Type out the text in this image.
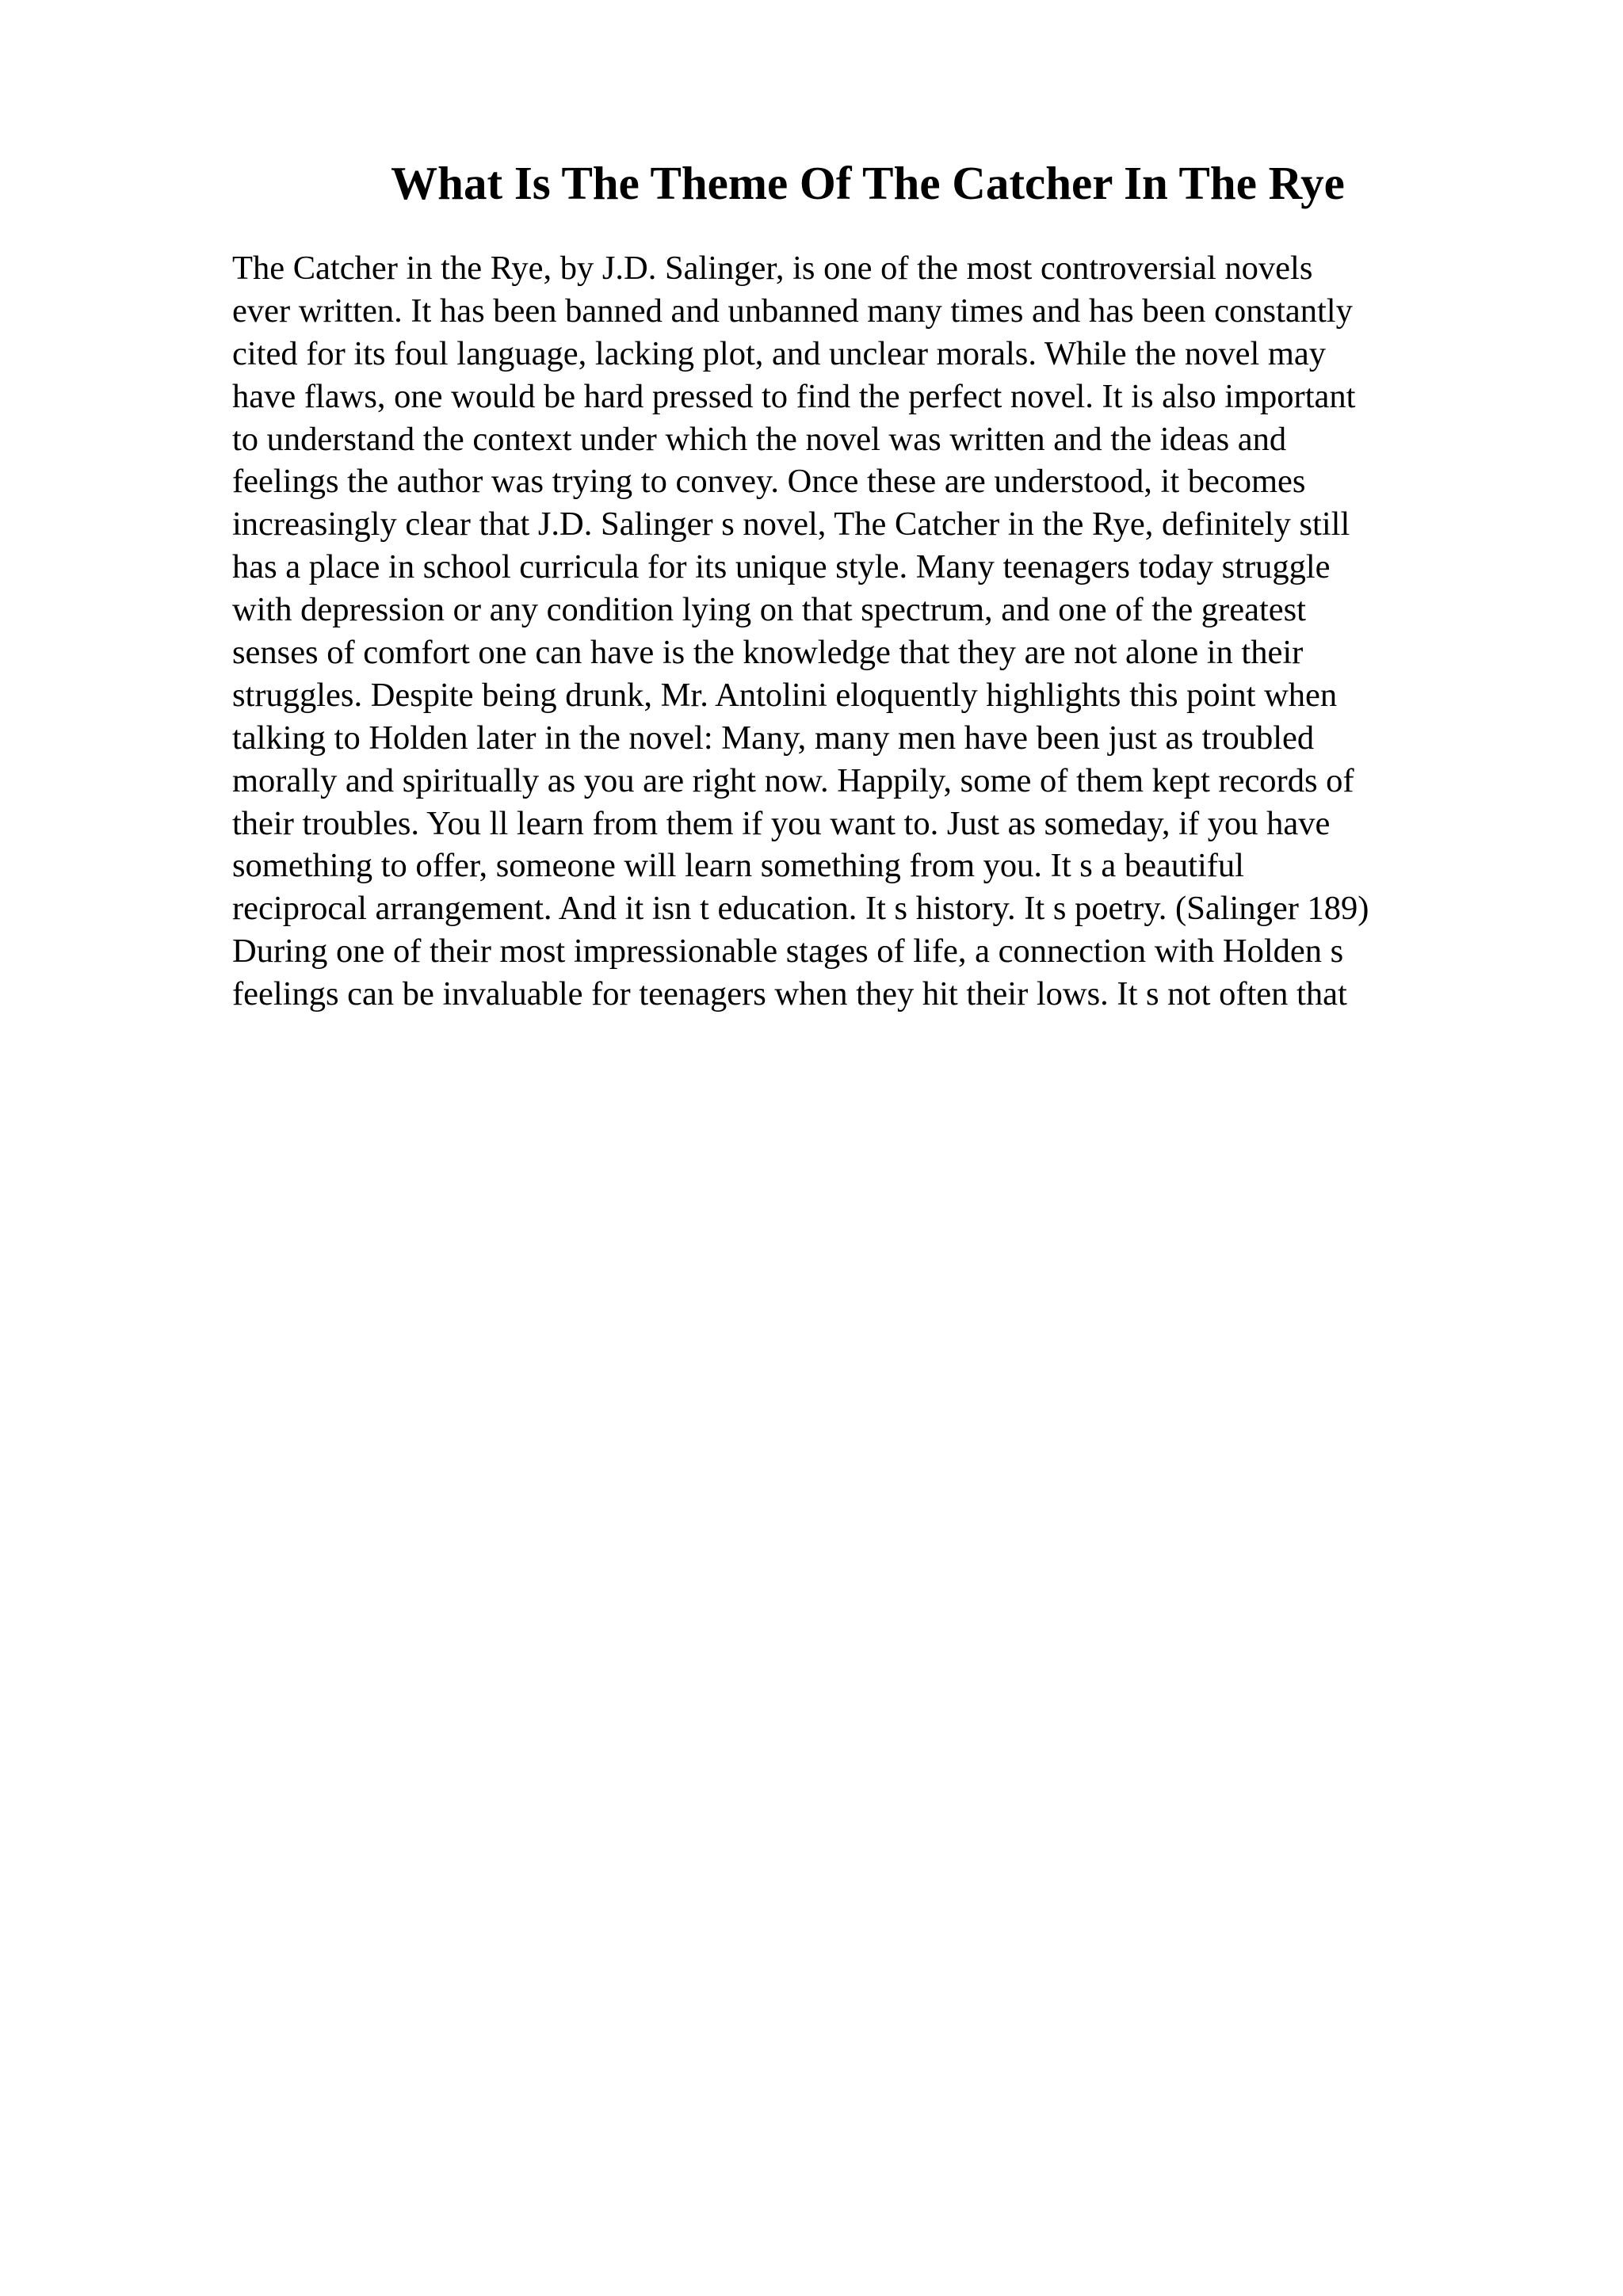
What Is The Theme Of The Catcher In The Rye
The Catcher in the Rye, by J.D. Salinger, is one of the most controversial novels
ever written. It has been banned and unbanned many times and has been constantly
cited for its foul language, lacking plot, and unclear morals. While the novel may
have flaws, one would be hard pressed to find the perfect novel. It is also important
to understand the context under which the novel was written and the ideas and
feelings the author was trying to convey. Once these are understood, it becomes
increasingly clear that J.D. Salinger s novel, The Catcher in the Rye, definitely still
has a place in school curricula for its unique style. Many teenagers today struggle
with depression or any condition lying on that spectrum, and one of the greatest
senses of comfort one can have is the knowledge that they are not alone in their
struggles. Despite being drunk, Mr. Antolini eloquently highlights this point when
talking to Holden later in the novel: Many, many men have been just as troubled
morally and spiritually as you are right now. Happily, some of them kept records of
their troubles. You ll learn from them if you want to. Just as someday, if you have
something to offer, someone will learn something from you. It s a beautiful
reciprocal arrangement. And it isn t education. It s history. It s poetry. (Salinger 189)
During one of their most impressionable stages of life, a connection with Holden s
feelings can be invaluable for teenagers when they hit their lows. It s not often that
